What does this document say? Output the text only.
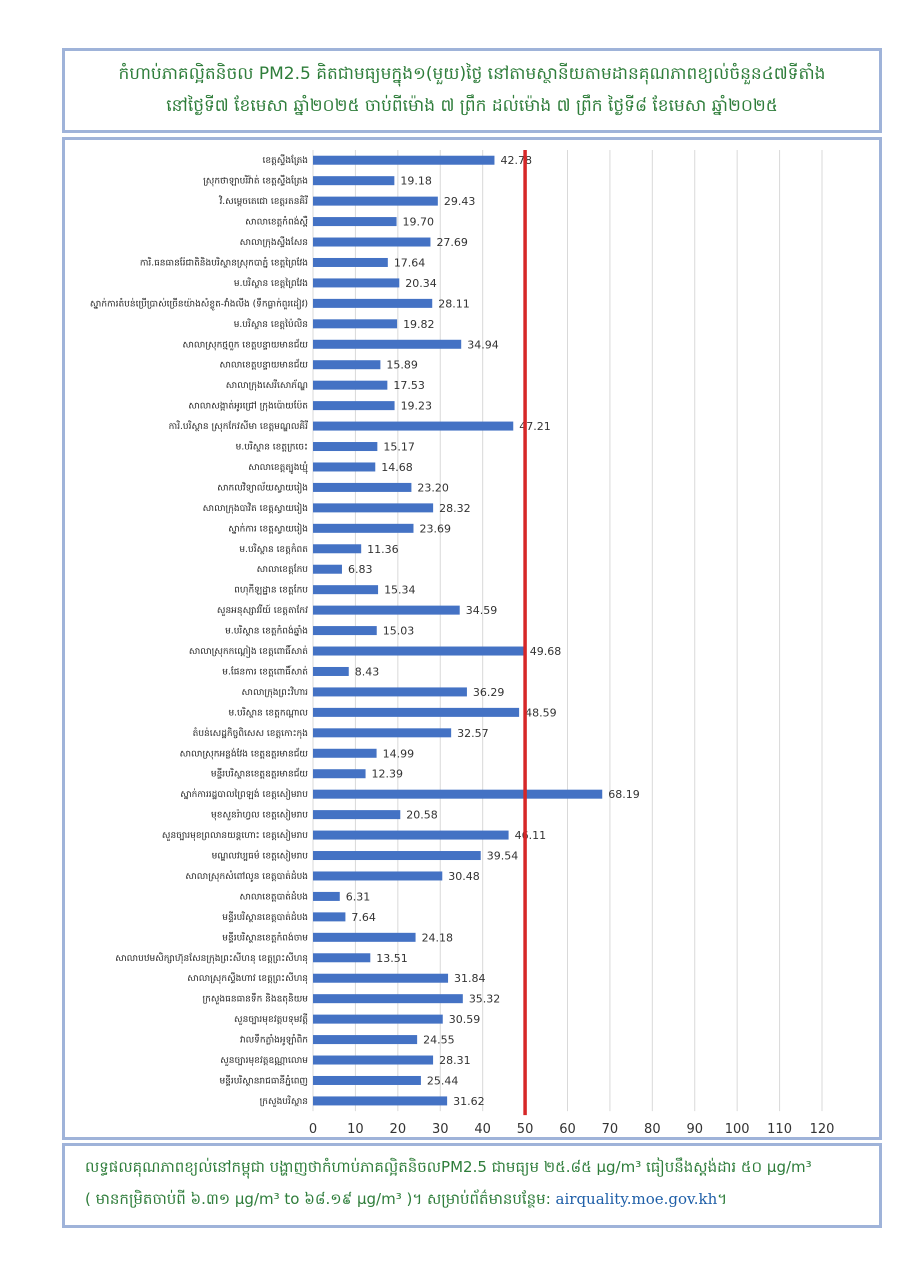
កំហាប់ភាគល្អិតនិចល PM2.5 គិតជាមធ្យមក្នុង១(មួយ)ថ្ងៃ នៅតាមស្ថានីយតាមដានគុណភាពខ្យល់ចំនួន៤៧ទីតាំង
នៅថ្ងៃទី៧ ខែមេសា ឆ្នាំ២០២៥ ចាប់ពីម៉ោង ៧ ព្រឹក ដល់ម៉ោង ៧ ព្រឹក ថ្ងៃទី៨ ខែមេសា ឆ្នាំ២០២៥
0 10 20 30 40 50 60 70 80 90 100 110 120
ខេត្តស្ទឹងត្រែង	42.78
ស្រុកថាឡាបរិវ៉ាត់ ខេត្តស្ទឹងត្រែង	19.18
វិ.សម្តេចតេជោ ខេត្តរតនគិរី	29.43
សាលាខេត្តកំពង់ស្ពឺ	19.70
សាលាក្រុងស្ទឹងសែន	27.69
ការិ.ធនធានរ៉ែជាតិនិងបរិស្ថានស្រុកបាភ្នំ ខេត្តព្រៃវែង	17.64
ម.បរិស្ថាន ខេត្តព្រៃវែង	20.34
ស្នាក់ការតំបន់ប្រើប្រាស់ច្រើនយ៉ាងសំខ្លូត-វាំងលីង (ទឹកធ្លាក់ពួរដៀវ)	28.11
ម.បរិស្ថាន ខេត្តប៉ៃលិន	19.82
សាលាស្រុកថ្មពួក ខេត្តបន្ទាយមានជ័យ	34.94
សាលាខេត្តបន្ទាយមានជ័យ	15.89
សាលាក្រុងសេរីសោភ័ណ្ឌ	17.53
សាលាសង្កាត់អូរជ្រៅ ក្រុងប៉ោយប៉ែត	19.23
ការិ.បរិស្ថាន ស្រុកកែវសីមា ខេត្តមណ្ឌលគិរី	47.21
ម.បរិស្ថាន ខេត្តក្រចេះ	15.17
សាលាខេត្តត្បូងឃ្មុំ	14.68
សាកលវិទ្យាល័យស្វាយរៀង	23.20
សាលាក្រុងបាវិត ខេត្តស្វាយរៀង	28.32
ស្នាក់ការ ខេត្តស្វាយរៀង	23.69
ម.បរិស្ថាន ខេត្តកំពត	11.36
សាលាខេត្តកែប	6.83
ពហុកីឡដ្ឋាន ខេត្តកែប	15.34
សួនអនុស្សាវរីយ៍ ខេត្តតាកែវ	34.59
ម.បរិស្ថាន ខេត្តកំពង់ឆ្នាំង	15.03
សាលាស្រុកកណ្តៀង ខេត្តពោធិ៍សាត់	49.68
ម.ផែនការ ខេត្តពោធិ៍សាត់	8.43
សាលាក្រុងព្រះវិហារ	36.29
ម.បរិស្ថាន ខេត្តកណ្តាល	48.59
តំបន់សេដ្ឋកិច្ចពិសេស ខេត្តកោះកុង	32.57
សាលាស្រុកអន្លង់វែង ខេត្តឧត្តរមានជ័យ	14.99
មន្ទីរបរិស្ថានខេត្តឧត្តរមានជ័យ	12.39
ស្នាក់ការរដ្ឋបាលព្រៃឡង់ ខេត្តសៀមរាប	68.19
មុខសួនរ៉ាហ្វល ខេត្តសៀមរាប	20.58
សួនច្បារមុខព្រលានយន្តហោះ ខេត្តសៀមរាប	46.11
មណ្ឌលវប្បធម៌ ខេត្តសៀមរាប	39.54
សាលាស្រុកសំពៅលូន ខេត្តបាត់ដំបង	30.48
សាលាខេត្តបាត់ដំបង	6.31
មន្ទីរបរិស្ថានខេត្តបាត់ដំបង	7.64
មន្ទីរបរិស្ថានខេត្តកំពង់ចាម	24.18
សាលាបឋមសិក្សាហ៊ុនសែនក្រុងព្រះសីហនុ ខេត្តព្រះសីហនុ	13.51
សាលាស្រុកស្ទឹងហាវ ខេត្តព្រះសីហនុ	31.84
ក្រសួងធនធានទឹក និងឧតុនិយម	35.32
សួនច្បារមុខវត្តបទុមវត្តី	30.59
វាលទឹកភ្លាំងអូឡាំពិក	24.55
សួនច្បារមុខវត្តឧណ្ណាលោម	28.31
មន្ទីរបរិស្ថានរាជធានីភ្នំពេញ	25.44
ក្រសួងបរិស្ថាន	31.62
លទ្ធផលគុណភាពខ្យល់នៅកម្ពុជា បង្ហាញថាកំហាប់ភាគល្អិតនិចលPM2.5 ជាមធ្យម ២៥.៨៥ µg/m³ ធៀបនឹងស្តង់ដារ ៥០ µg/m³
( មានកម្រិតចាប់ពី ៦.៣១ µg/m³ to ៦៨.១៩ µg/m³ )។ សម្រាប់ព័ត៌មានបន្ថែម: airquality.moe.gov.kh។
